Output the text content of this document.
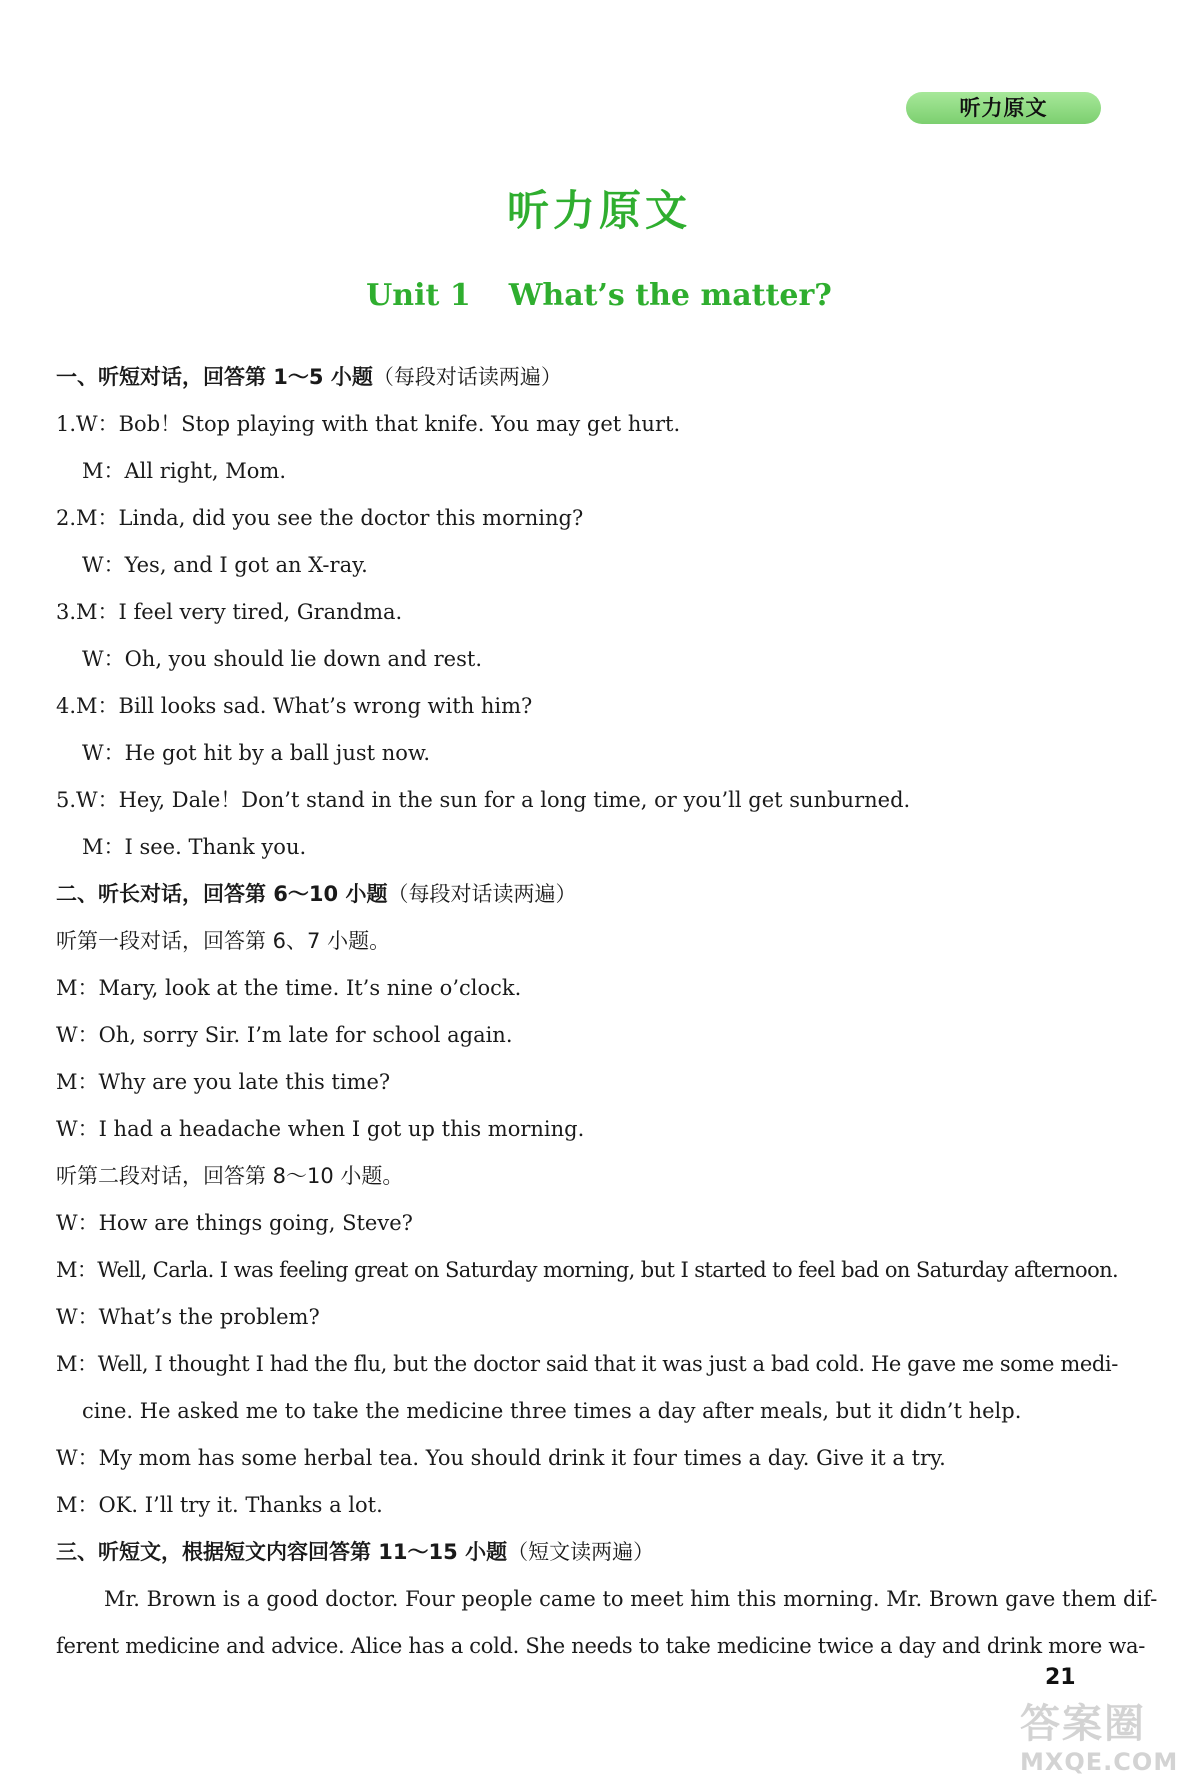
听力原文
听力原文
Unit 1 What’s the matter?
一、听短对话，回答第 1～5 小题（每段对话读两遍）
1.W：Bob！Stop playing with that knife. You may get hurt.
M：All right, Mom.
2.M：Linda, did you see the doctor this morning?
W：Yes, and I got an X-ray.
3.M：I feel very tired, Grandma.
W：Oh, you should lie down and rest.
4.M：Bill looks sad. What’s wrong with him?
W：He got hit by a ball just now.
5.W：Hey, Dale！Don’t stand in the sun for a long time, or you’ll get sunburned.
M：I see. Thank you.
二、听长对话，回答第 6～10 小题（每段对话读两遍）
听第一段对话，回答第 6、7 小题。
M：Mary, look at the time. It’s nine o’clock.
W：Oh, sorry Sir. I’m late for school again.
M：Why are you late this time?
W：I had a headache when I got up this morning.
听第二段对话，回答第 8～10 小题。
W：How are things going, Steve?
M：Well, Carla. I was feeling great on Saturday morning, but I started to feel bad on Saturday afternoon.
W：What’s the problem?
M：Well, I thought I had the flu, but the doctor said that it was just a bad cold. He gave me some medi-
cine. He asked me to take the medicine three times a day after meals, but it didn’t help.
W：My mom has some herbal tea. You should drink it four times a day. Give it a try.
M：OK. I’ll try it. Thanks a lot.
三、听短文，根据短文内容回答第 11～15 小题（短文读两遍）
Mr. Brown is a good doctor. Four people came to meet him this morning. Mr. Brown gave them dif-
ferent medicine and advice. Alice has a cold. She needs to take medicine twice a day and drink more wa-
21
答案圈
MXQE.COM
